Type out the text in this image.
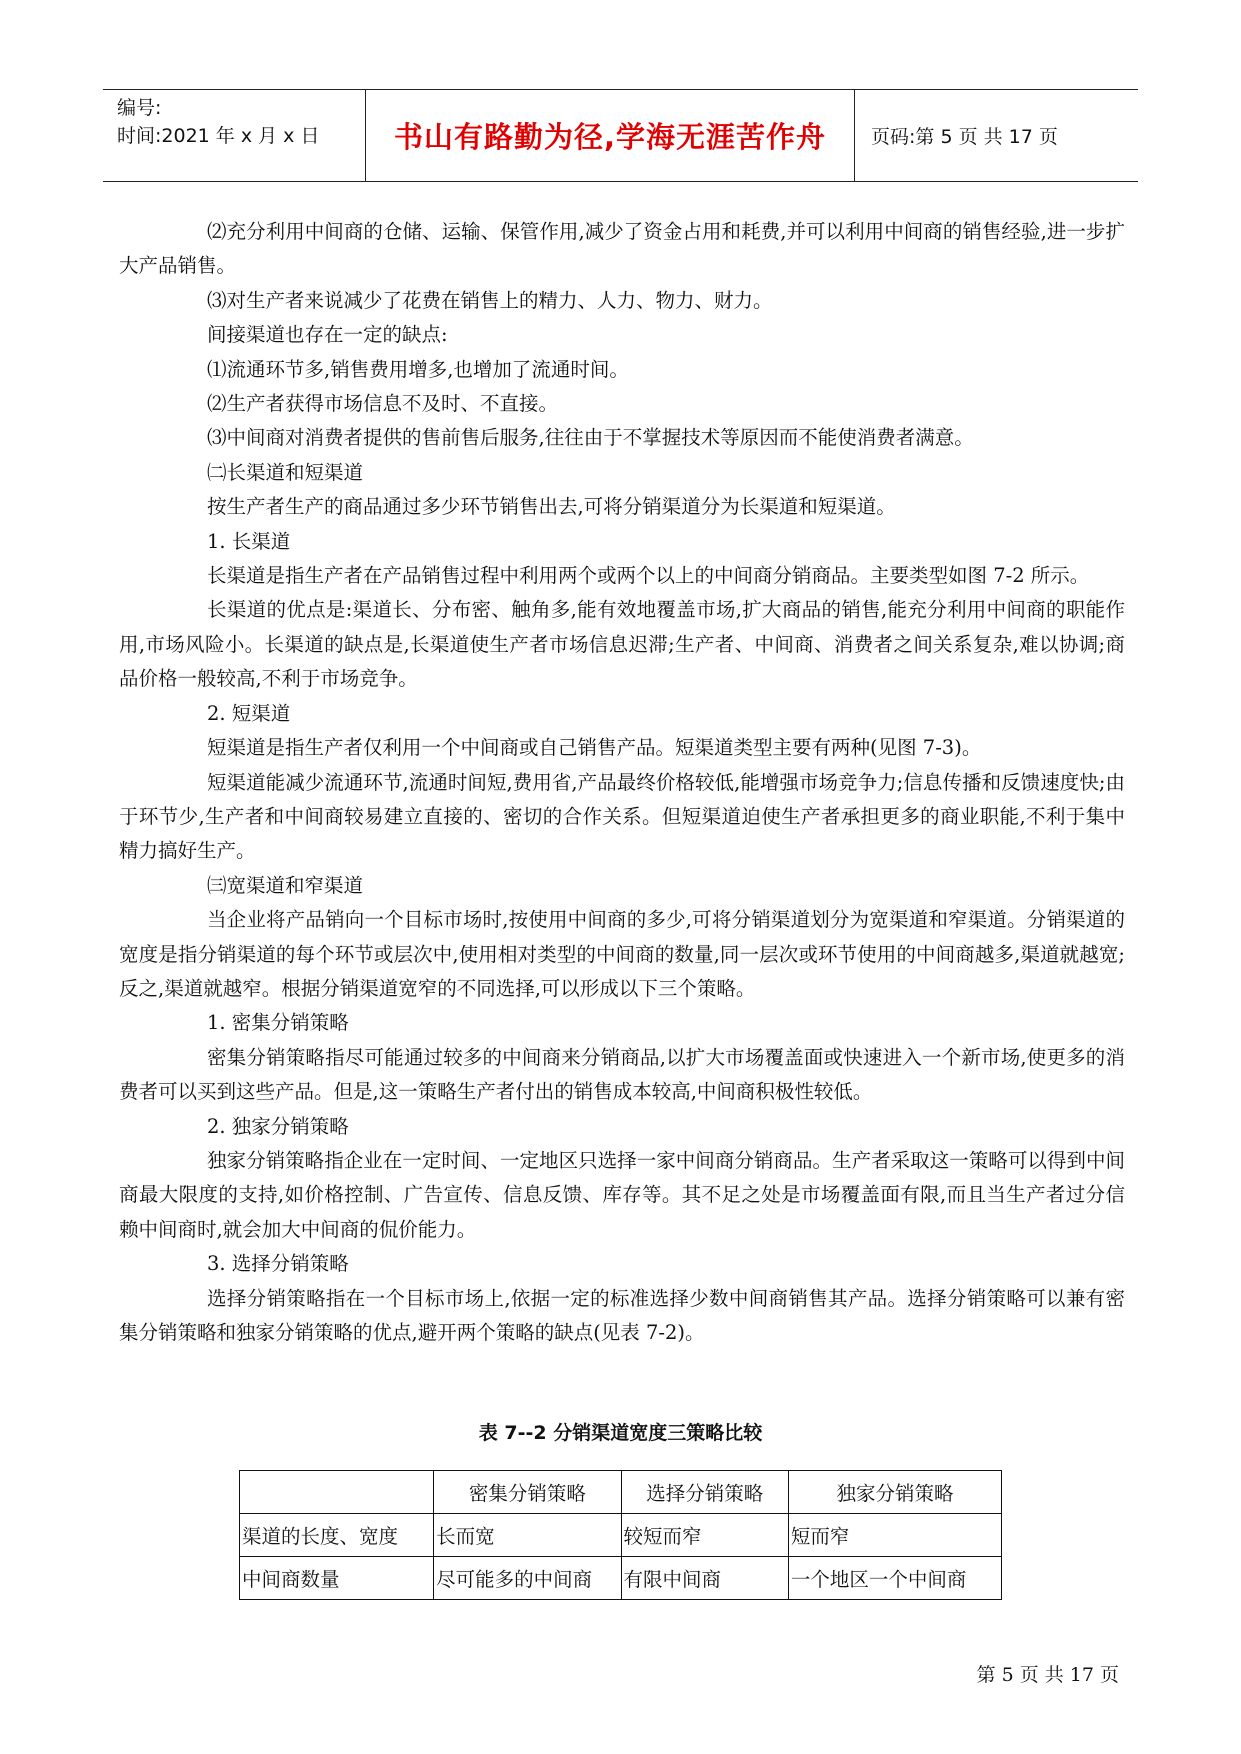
编号:
时间:2021 年 x 月 x 日	书山有路勤为径,学海无涯苦作舟	页码:第 5 页 共 17 页

⑵充分利用中间商的仓储、运输、保管作用,减少了资金占用和耗费,并可以利用中间商的销售经验,进一步扩大产品销售。

⑶对生产者来说减少了花费在销售上的精力、人力、物力、财力。

间接渠道也存在一定的缺点:

⑴流通环节多,销售费用增多,也增加了流通时间。

⑵生产者获得市场信息不及时、不直接。

⑶中间商对消费者提供的售前售后服务,往往由于不掌握技术等原因而不能使消费者满意。

㈡长渠道和短渠道

按生产者生产的商品通过多少环节销售出去,可将分销渠道分为长渠道和短渠道。

1. 长渠道

长渠道是指生产者在产品销售过程中利用两个或两个以上的中间商分销商品。主要类型如图 7-2 所示。

长渠道的优点是:渠道长、分布密、触角多,能有效地覆盖市场,扩大商品的销售,能充分利用中间商的职能作用,市场风险小。长渠道的缺点是,长渠道使生产者市场信息迟滞;生产者、中间商、消费者之间关系复杂,难以协调;商品价格一般较高,不利于市场竞争。

2. 短渠道

短渠道是指生产者仅利用一个中间商或自己销售产品。短渠道类型主要有两种(见图 7-3)。

短渠道能减少流通环节,流通时间短,费用省,产品最终价格较低,能增强市场竞争力;信息传播和反馈速度快;由于环节少,生产者和中间商较易建立直接的、密切的合作关系。但短渠道迫使生产者承担更多的商业职能,不利于集中精力搞好生产。

㈢宽渠道和窄渠道

当企业将产品销向一个目标市场时,按使用中间商的多少,可将分销渠道划分为宽渠道和窄渠道。分销渠道的宽度是指分销渠道的每个环节或层次中,使用相对类型的中间商的数量,同一层次或环节使用的中间商越多,渠道就越宽;反之,渠道就越窄。根据分销渠道宽窄的不同选择,可以形成以下三个策略。

1. 密集分销策略

密集分销策略指尽可能通过较多的中间商来分销商品,以扩大市场覆盖面或快速进入一个新市场,使更多的消费者可以买到这些产品。但是,这一策略生产者付出的销售成本较高,中间商积极性较低。

2. 独家分销策略

独家分销策略指企业在一定时间、一定地区只选择一家中间商分销商品。生产者采取这一策略可以得到中间商最大限度的支持,如价格控制、广告宣传、信息反馈、库存等。其不足之处是市场覆盖面有限,而且当生产者过分信赖中间商时,就会加大中间商的侃价能力。

3. 选择分销策略

选择分销策略指在一个目标市场上,依据一定的标准选择少数中间商销售其产品。选择分销策略可以兼有密集分销策略和独家分销策略的优点,避开两个策略的缺点(见表 7-2)。

表 7--2 分销渠道宽度三策略比较
	密集分销策略	选择分销策略	独家分销策略
渠道的长度、宽度	长而宽	较短而窄	短而窄
中间商数量	尽可能多的中间商	有限中间商	一个地区一个中间商
第 5 页 共 17 页
